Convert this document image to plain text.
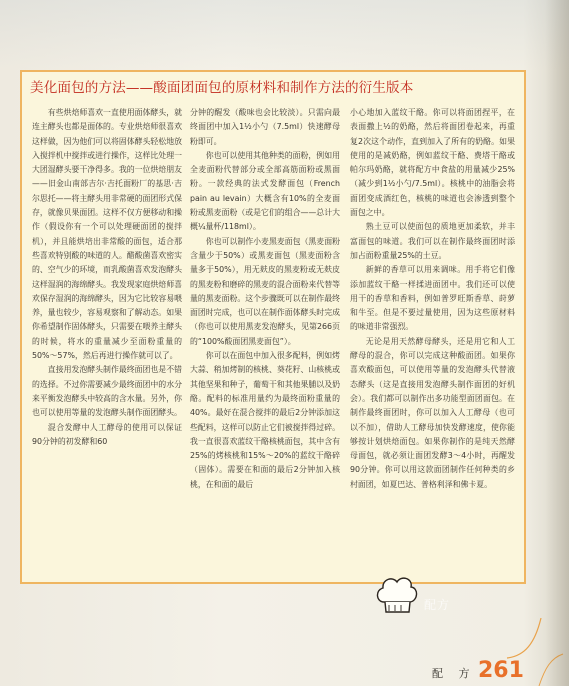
美化面包的方法——酸面团面包的原材料和制作方法的衍生版本

有些烘焙师喜欢一直使用面体酵头，就连主酵头也都是面体的。专业烘焙师很喜欢这样做，因为他们可以将固体酵头轻松地放入搅拌机中搅拌或进行操作，这样比处理一大团湿酵头要干净得多。我的一位烘焙朋友——旧金山南部吉尔·吉托面粉厂的基思·吉尔思托——将主酵头用非常硬的面团形式保存，就像贝果面团。这样不仅方便移动和操作（假设你有一个可以处理硬面团的搅拌机），并且能烘培出非常酸的面包，适合那些喜欢特别酸的味道的人。醋酸菌喜欢密实的、空气少的环境，而乳酸菌喜欢发泡酵头这样湿润的海绵酵头。我发现家庭烘焙师喜欢保存湿润的海绵酵头，因为它比较容易喂养，量也较少，容易观察和了解动态。如果你希望制作固体酵头，只需要在喂养主酵头的时候，将水的重量减少至面粉重量的50%～57%，然后再进行操作就可以了。

直接用发泡酵头制作最终面团也是不错的选择。不过你需要减少最终面团中的水分来平衡发泡酵头中较高的含水量。另外，你也可以使用等量的发泡酵头制作面团酵头。

混合发酵中人工酵母的使用可以保证90分钟的初发酵和60

分钟的醒发（酸味也会比较淡）。只需向最终面团中加入1½小勺（7.5ml）快速酵母粉即可。

你也可以使用其他种类的面粉，例如用全麦面粉代替部分或全部高筋面粉或黑面粉。一款经典的法式发酵面包（French pain au levain）大概含有10%的全麦面粉或黑麦面粉（或是它们的组合——总计大概¼量杯/118ml）。

你也可以制作小麦黑麦面包（黑麦面粉含量少于50%）或黑麦面包（黑麦面粉含量多于50%），用无麸皮的黑麦粉或无麸皮的黑麦粉和磨碎的黑麦的混合面粉来代替等量的黑麦面粉。这个步骤既可以在制作最终面团时完成，也可以在制作面体酵头时完成（你也可以使用黑麦发泡酵头，见第266页的“100%酸面团黑麦面包”）。

你可以在面包中加入很多配料，例如烤大蒜、稍加烤制的核桃、葵花籽、山核桃或其他坚果和种子，葡萄干和其他果脯以及奶酪。配料的标准用量约为最终面粉重量的40%。最好在混合搅拌的最后2分钟添加这些配料，这样可以防止它们被搅拌得过碎。我一直很喜欢蓝纹干酪核桃面包，其中含有25%的烤核桃和15%～20%的蓝纹干酪碎（固体）。需要在和面的最后2分钟加入核桃，在和面的最后

小心地加入蓝纹干酪。你可以将面团捏平，在表面撒上½的奶酪，然后将面团卷起来，再重复2次这个动作，直到加入了所有的奶酪。如果使用的是减奶酪，例如蓝纹干酪、费塔干酪或帕尔玛奶酪，就将配方中食盐的用量减少25%（减少到1½小勺/7.5ml）。核桃中的油脂会将面团变成酒红色，核桃的味道也会渗透到整个面包之中。

熟土豆可以使面包的质地更加柔软，并丰富面包的味道。我们可以在制作最终面团时添加占面粉重量25%的土豆。

新鲜的香草可以用来调味。用手将它们像添加蓝纹干酪一样揉进面团中。我们还可以使用干的香草和香料，例如普罗旺斯香草、莳萝和牛至。但是不要过量使用，因为这些原材料的味道非常强烈。

无论是用天然酵母酵头，还是用它和人工酵母的混合，你可以完成这种酸面团。如果你喜欢酸面包，可以使用等量的发泡酵头代替液态酵头（这是直接用发泡酵头制作面团的好机会）。我们都可以制作出多功能型面团面包。在制作最终面团时，你可以加入人工酵母（也可以不加），借助人工酵母加快发酵速度，使你能够按计划烘焙面包。如果你制作的是纯天然酵母面包，就必须让面团发酵3～4小时，再醒发90分钟。你可以用这款面团制作任何种类的乡村面团，如夏巴达、普格利泽和佛卡夏。

配方
配 方 261
